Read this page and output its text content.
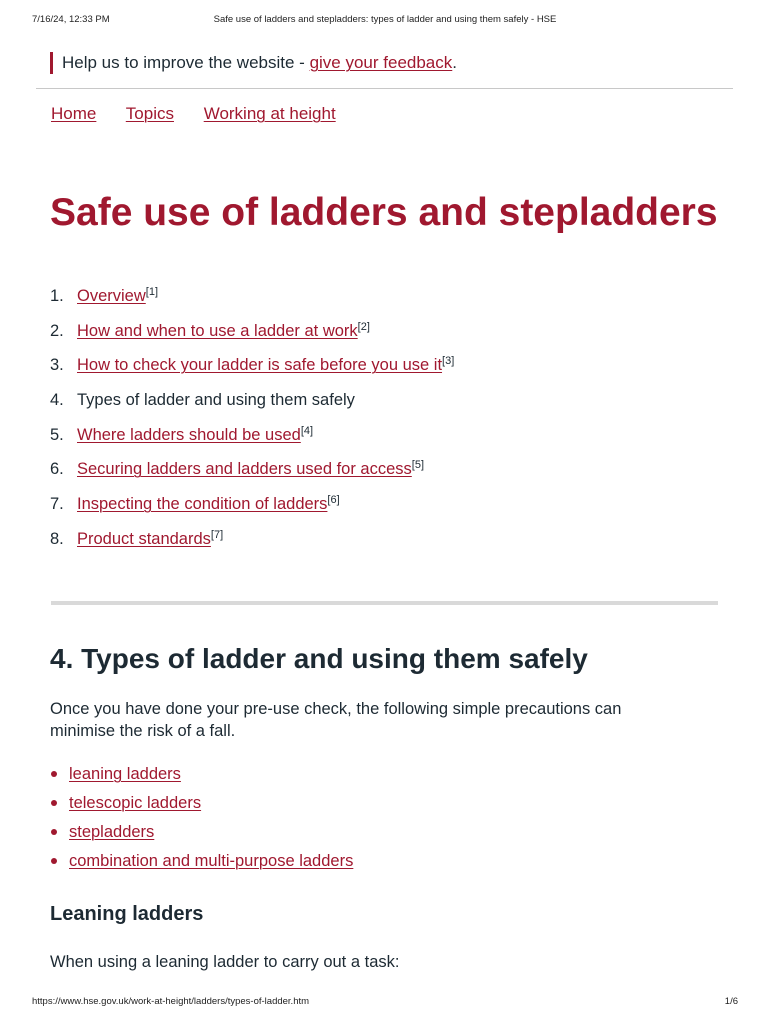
7/16/24, 12:33 PM	Safe use of ladders and stepladders: types of ladder and using them safely - HSE
Help us to improve the website - give your feedback.
Home Topics Working at height
Safe use of ladders and stepladders
1. Overview[1]
2. How and when to use a ladder at work[2]
3. How to check your ladder is safe before you use it[3]
4. Types of ladder and using them safely
5. Where ladders should be used[4]
6. Securing ladders and ladders used for access[5]
7. Inspecting the condition of ladders[6]
8. Product standards[7]
4. Types of ladder and using them safely

Once you have done your pre-use check, the following simple precautions can minimise the risk of a fall.

leaning ladders
telescopic ladders
stepladders
combination and multi-purpose ladders
Leaning ladders

When using a leaning ladder to carry out a task:

https://www.hse.gov.uk/work-at-height/ladders/types-of-ladder.htm	1/6
